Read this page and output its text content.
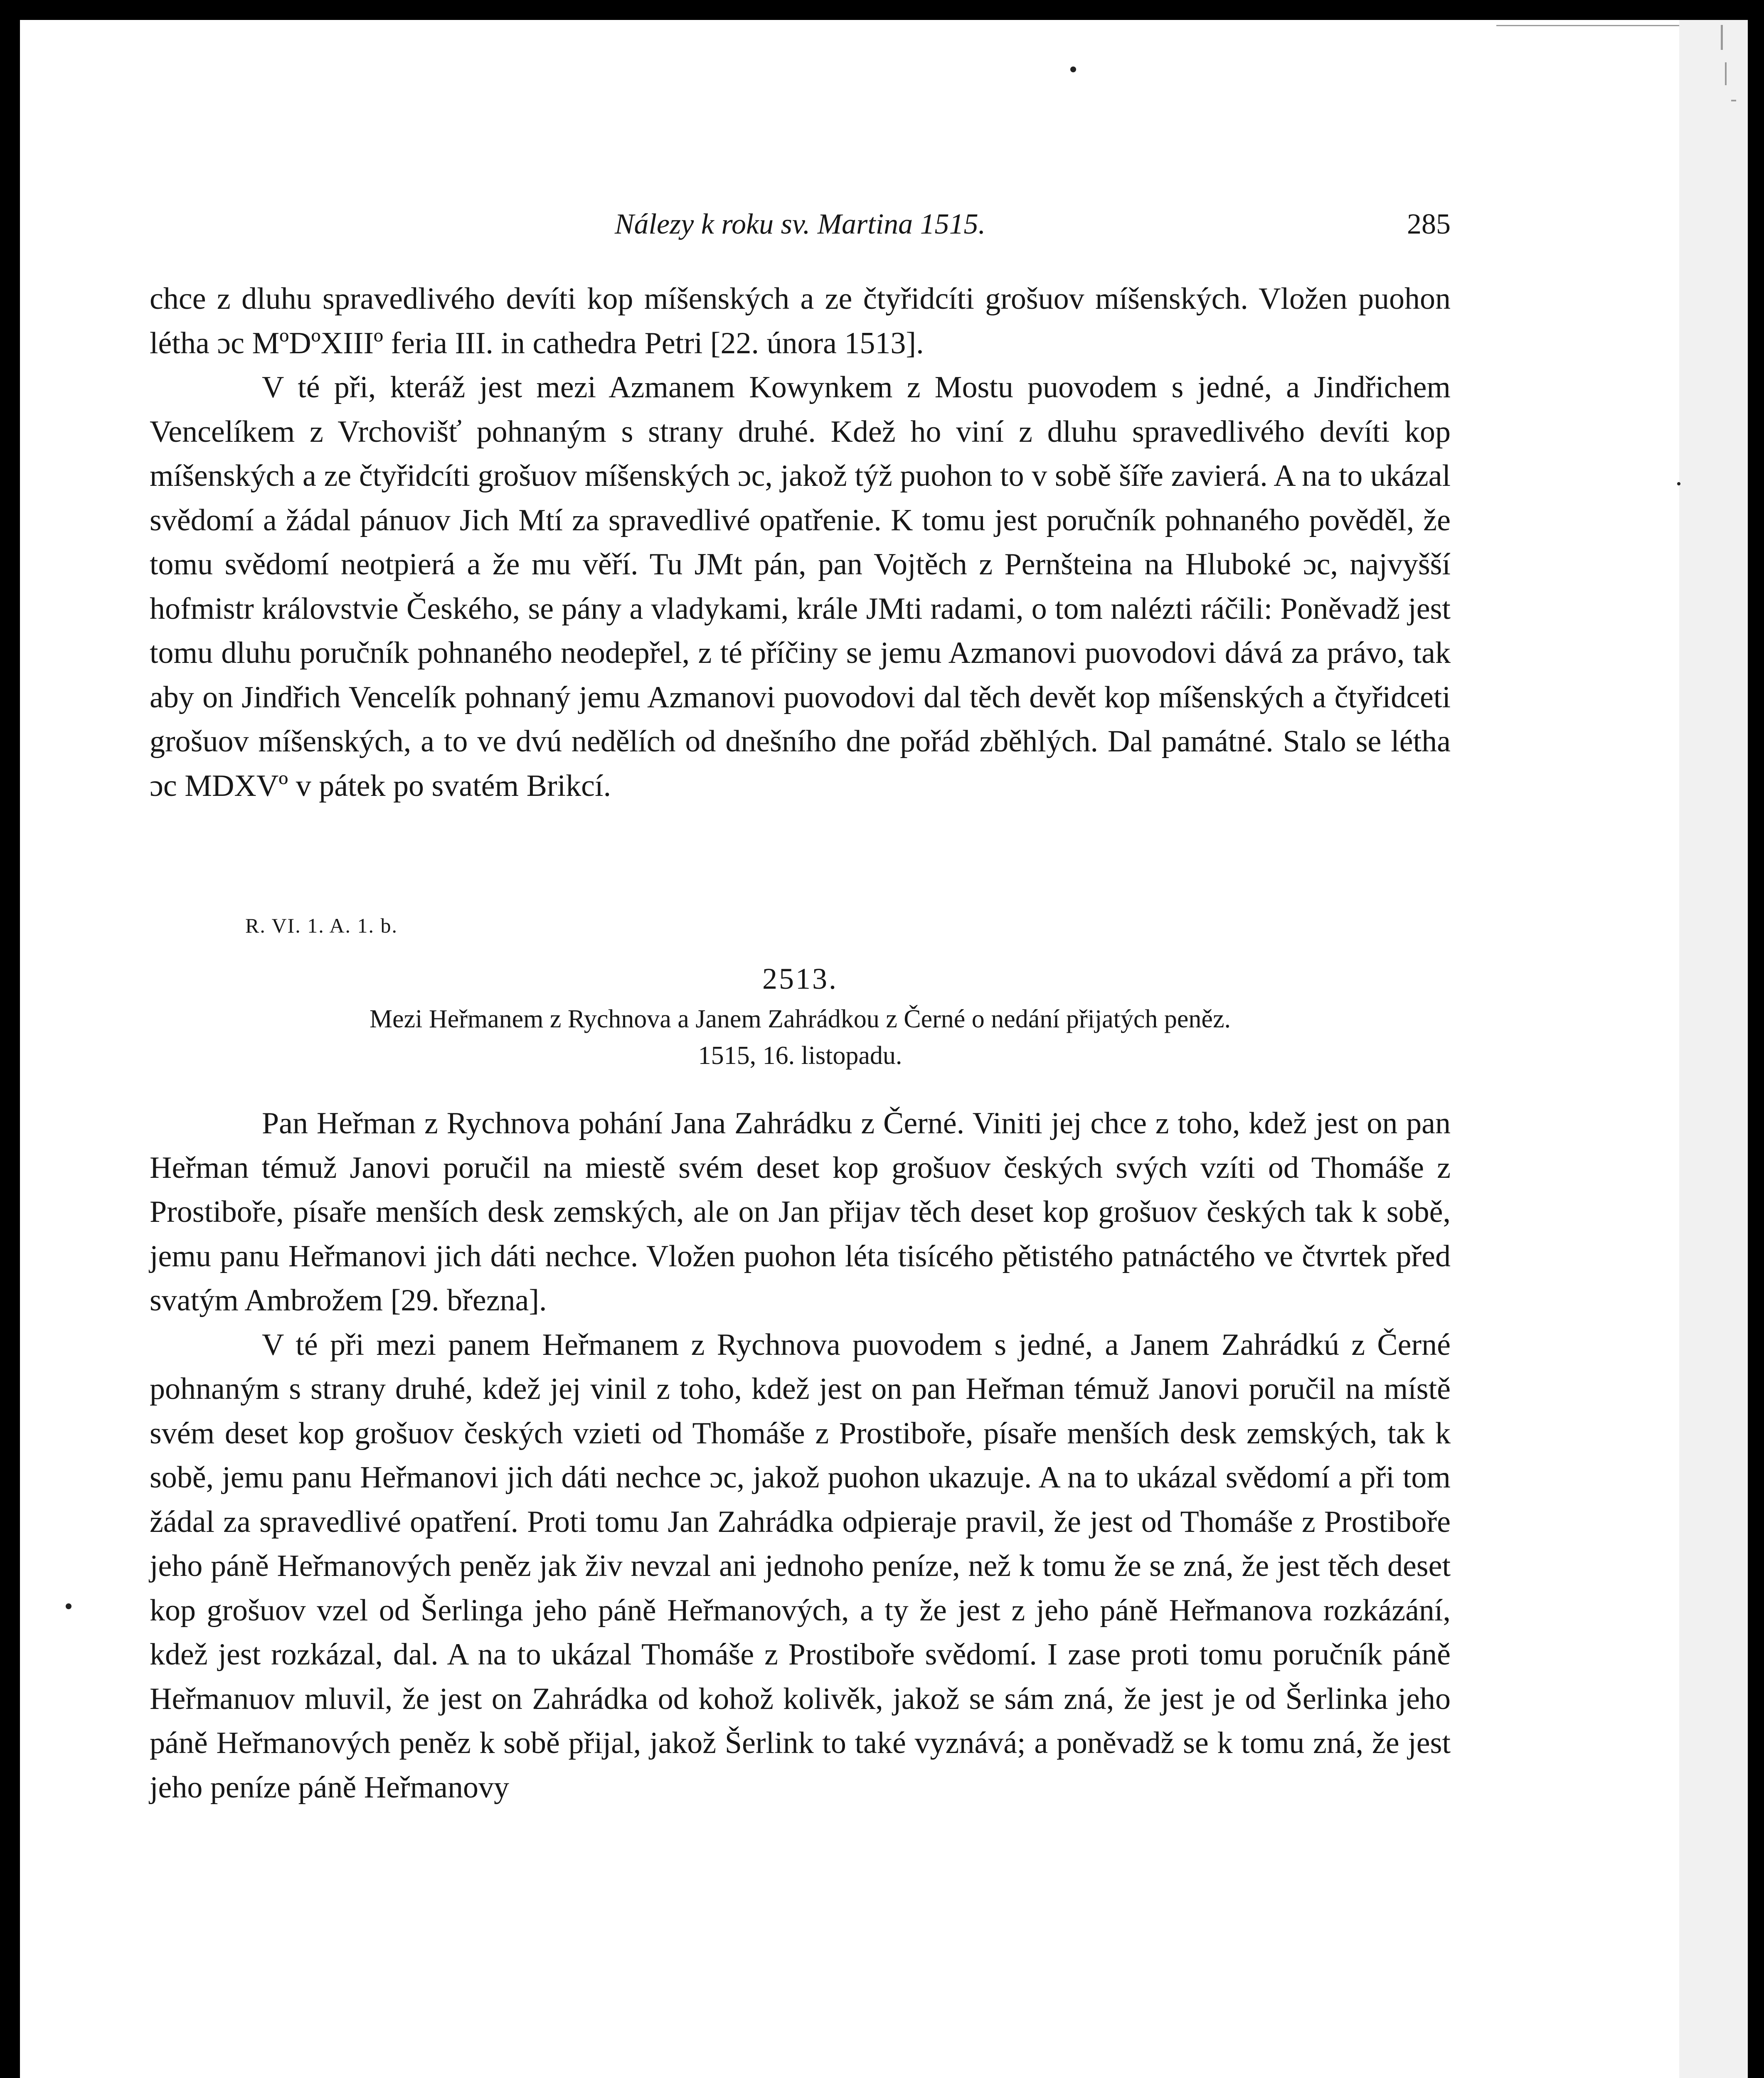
Nálezy k roku sv. Martina 1515.	285

chce z dluhu spravedlivého devíti kop míšenských a ze čtyřidcíti grošuov míšenských. Vložen puohon létha ɔc MºDºXIIIº feria III. in cathedra Petri [22. února 1513].

V té při, kteráž jest mezi Azmanem Kowynkem z Mostu puovodem s jedné, a Jindřichem Vencelíkem z Vrchovišť pohnaným s strany druhé. Kdež ho viní z dluhu spravedlivého devíti kop míšenských a ze čtyřidcíti grošuov míšenských ɔc, jakož týž puohon to v sobě šíře zavierá. A na to ukázal svědomí a žádal pánuov Jich Mtí za spravedlivé opatřenie. K tomu jest poručník pohnaného pověděl, že tomu svědomí neotpierá a že mu věří. Tu JMt pán, pan Vojtěch z Pernšteina na Hluboké ɔc, najvyšší hofmistr královstvie Českého, se pány a vladykami, krále JMti radami, o tom nalézti ráčili: Poněvadž jest tomu dluhu poručník pohnaného neodepřel, z té příčiny se jemu Azmanovi puovodovi dává za právo, tak aby on Jindřich Vencelík pohnaný jemu Azmanovi puovodovi dal těch devět kop míšenských a čtyřidceti grošuov míšenských, a to ve dvú nedělích od dnešního dne pořád zběhlých. Dal památné. Stalo se létha ɔc MDXVº v pátek po svatém Brikcí.

R. VI. 1. A. 1. b.
2513.
Mezi Heřmanem z Rychnova a Janem Zahrádkou z Černé o nedání přijatých peněz.
1515, 16. listopadu.

Pan Heřman z Rychnova pohání Jana Zahrádku z Černé. Viniti jej chce z toho, kdež jest on pan Heřman témuž Janovi poručil na miestě svém deset kop grošuov českých svých vzíti od Thomáše z Prostiboře, písaře menších desk zemských, ale on Jan přijav těch deset kop grošuov českých tak k sobě, jemu panu Heřmanovi jich dáti nechce. Vložen puohon léta tisícého pětistého patnáctého ve čtvrtek před svatým Ambrožem [29. března].

V té při mezi panem Heřmanem z Rychnova puovodem s jedné, a Janem Zahrádkú z Černé pohnaným s strany druhé, kdež jej vinil z toho, kdež jest on pan Heřman témuž Janovi poručil na místě svém deset kop grošuov českých vzieti od Thomáše z Prostiboře, písaře menších desk zemských, tak k sobě, jemu panu Heřmanovi jich dáti nechce ɔc, jakož puohon ukazuje. A na to ukázal svědomí a při tom žádal za spravedlivé opatření. Proti tomu Jan Zahrádka odpieraje pravil, že jest od Thomáše z Prostiboře jeho páně Heřmanových peněz jak živ nevzal ani jednoho peníze, než k tomu že se zná, že jest těch deset kop grošuov vzel od Šerlinga jeho páně Heřmanových, a ty že jest z jeho páně Heřmanova rozkázání, kdež jest rozkázal, dal. A na to ukázal Thomáše z Prostiboře svědomí. I zase proti tomu poručník páně Heřmanuov mluvil, že jest on Zahrádka od kohož kolivěk, jakož se sám zná, že jest je od Šerlinka jeho páně Heřmanových peněz k sobě přijal, jakož Šerlink to také vyznává; a poněvadž se k tomu zná, že jest jeho peníze páně Heřmanovy
